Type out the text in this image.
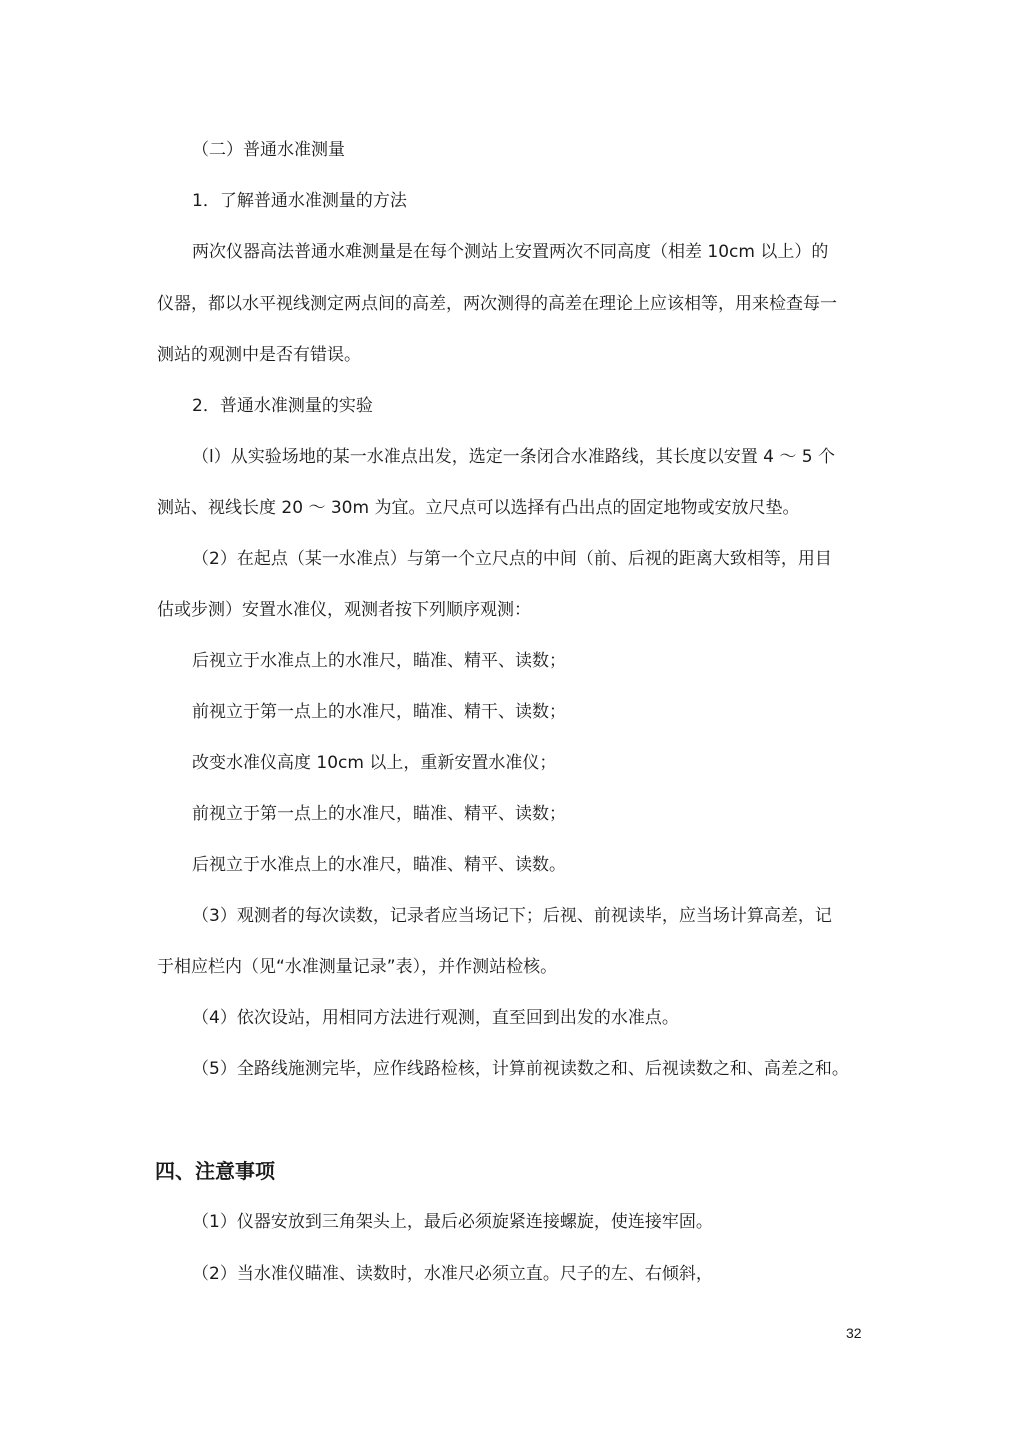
（二）普通水准测量
1．了解普通水准测量的方法
两次仪器高法普通水难测量是在每个测站上安置两次不同高度（相差 10cm 以上）的
仪器，都以水平视线测定两点间的高差，两次测得的高差在理论上应该相等，用来检查每一
测站的观测中是否有错误。
2．普通水准测量的实验
（l）从实验场地的某一水准点出发，选定一条闭合水准路线，其长度以安置 4 ～ 5 个
测站、视线长度 20 ～ 30m 为宜。立尺点可以选择有凸出点的固定地物或安放尺垫。
（2）在起点（某一水准点）与第一个立尺点的中间（前、后视的距离大致相等，用目
估或步测）安置水准仪，观测者按下列顺序观测：
后视立于水准点上的水准尺，瞄准、精平、读数；
前视立于第一点上的水准尺，瞄准、精干、读数；
改变水准仪高度 10cm 以上，重新安置水准仪；
前视立于第一点上的水准尺，瞄准、精平、读数；
后视立于水准点上的水准尺，瞄准、精平、读数。
（3）观测者的每次读数，记录者应当场记下；后视、前视读毕，应当场计算高差，记
于相应栏内（见“水准测量记录”表），并作测站检核。
（4）依次设站，用相同方法进行观测，直至回到出发的水准点。
（5）全路线施测完毕，应作线路检核，计算前视读数之和、后视读数之和、高差之和。
四、注意事项
（1）仪器安放到三角架头上，最后必须旋紧连接螺旋，使连接牢固。
（2）当水准仪瞄准、读数时，水准尺必须立直。尺子的左、右倾斜，
32
